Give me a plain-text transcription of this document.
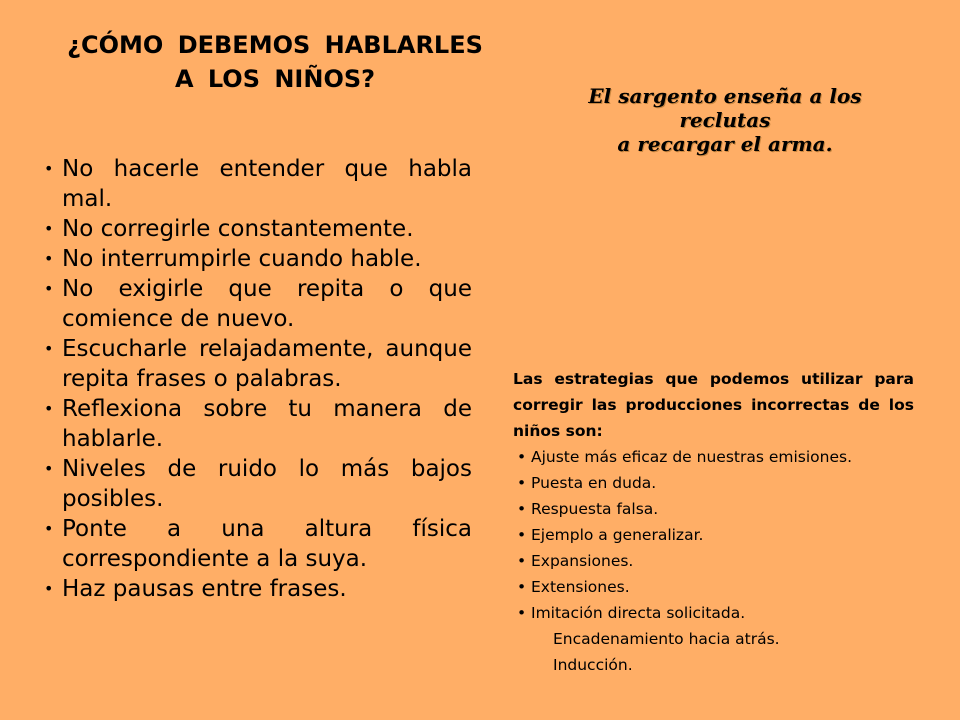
¿CÓMO DEBEMOS HABLARLES
A LOS NIÑOS?
• No hacerle entender que habla mal.
• No corregirle constantemente.
• No interrumpirle cuando hable.
• No exigirle que repita o que comience de nuevo.
• Escucharle relajadamente, aunque repita frases o palabras.
• Reflexiona sobre tu manera de hablarle.
• Niveles de ruido lo más bajos posibles.
• Ponte a una altura física correspondiente a la suya.
• Haz pausas entre frases.
El sargento enseña a los
reclutas
a recargar el arma.

Las estrategias que podemos utilizar para corregir las producciones incorrectas de los niños son:

• Ajuste más eficaz de nuestras emisiones.
• Puesta en duda.
• Respuesta falsa.
• Ejemplo a generalizar.
• Expansiones.
• Extensiones.
• Imitación directa solicitada.
Encadenamiento hacia atrás.
Inducción.
